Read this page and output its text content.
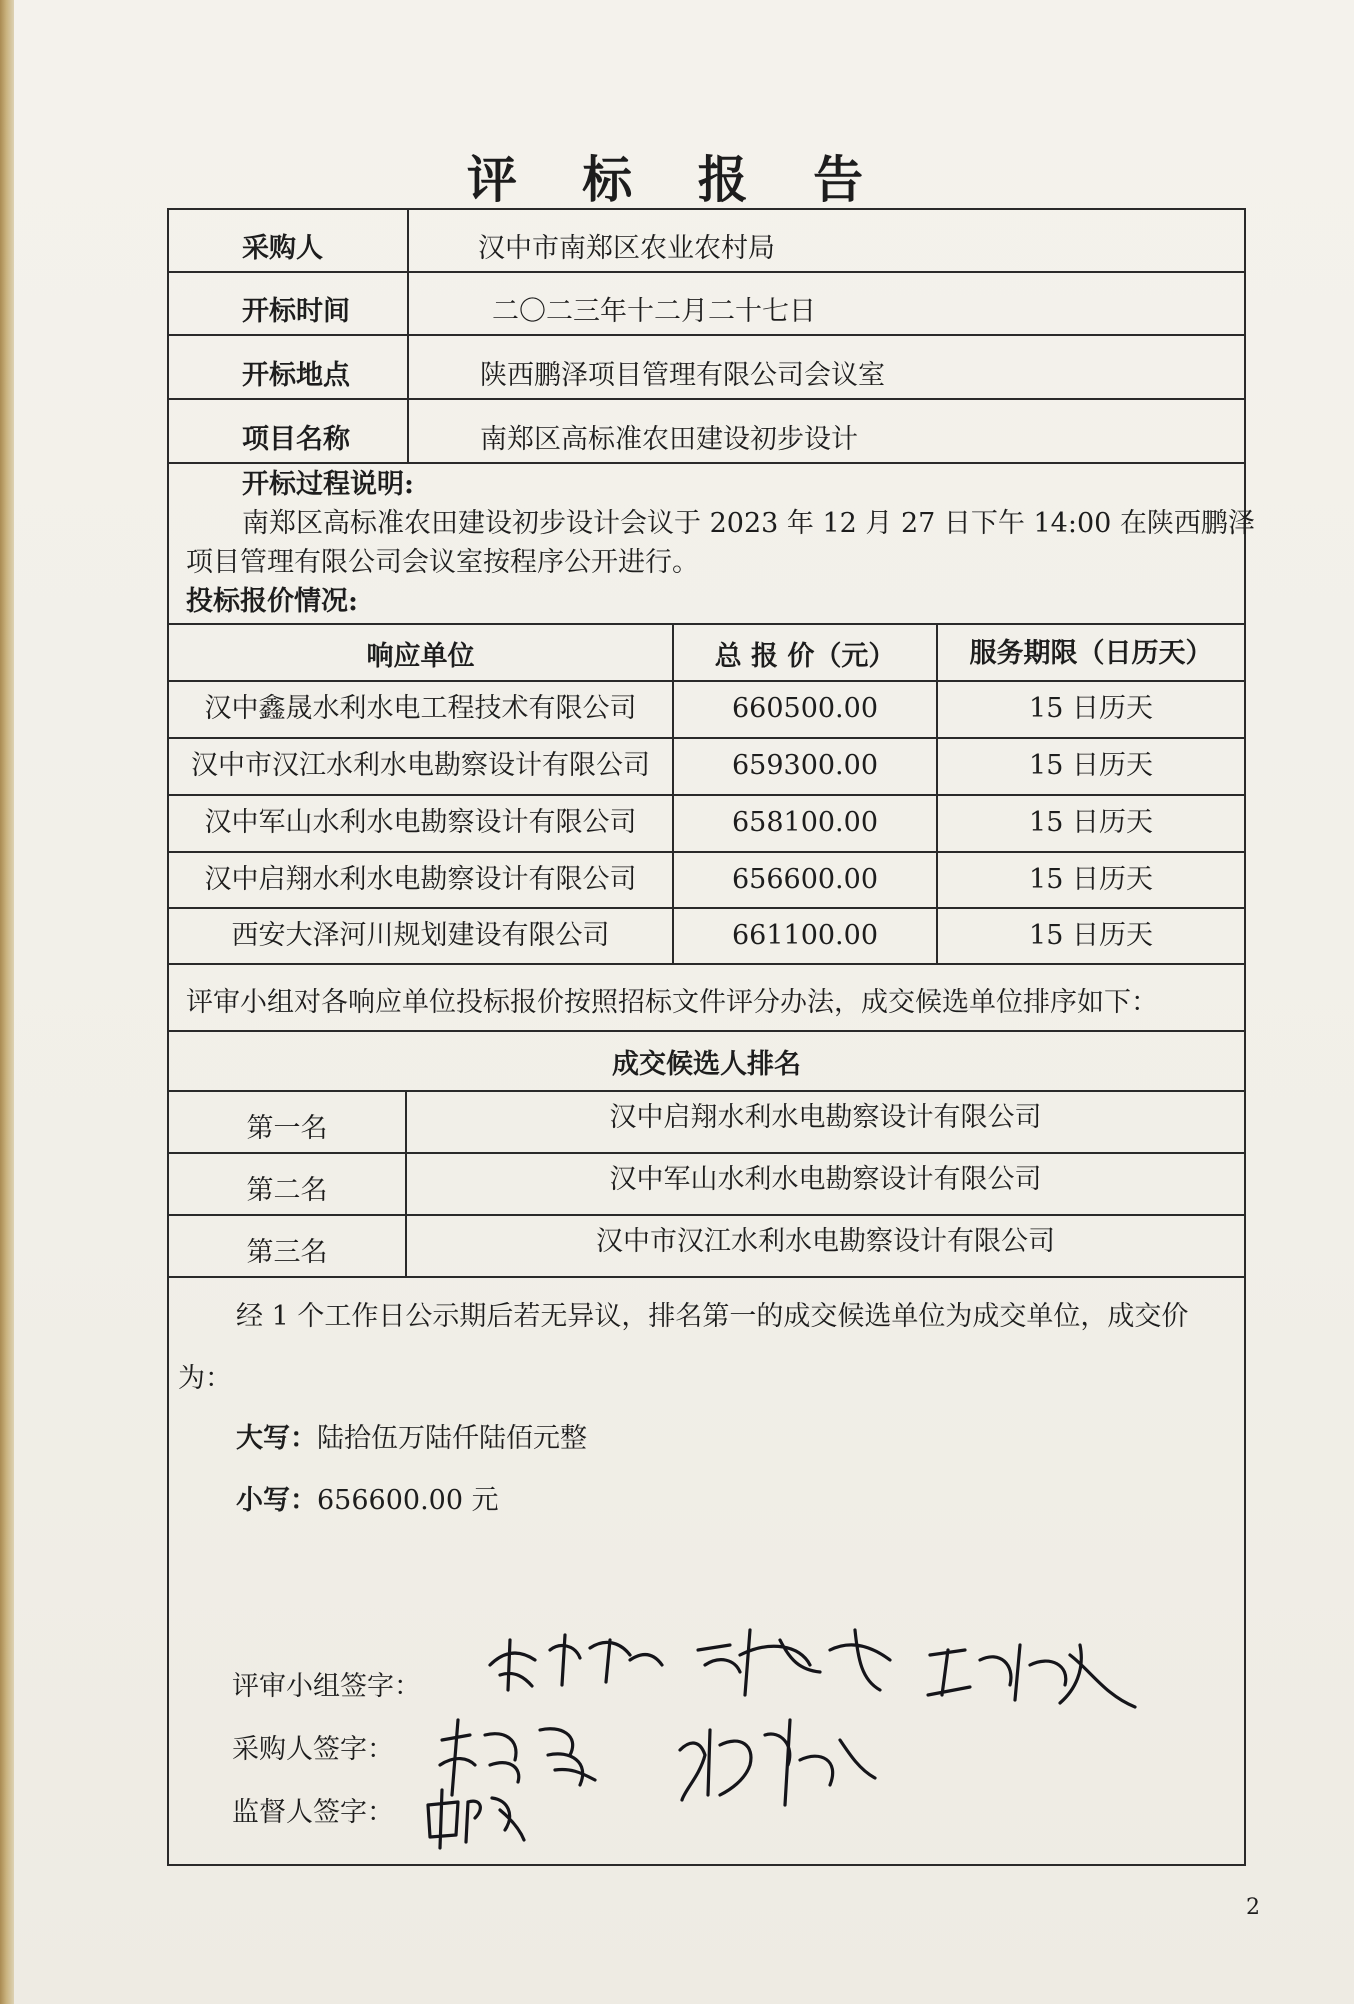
评 标 报 告
采购人	汉中市南郑区农业农村局
开标时间	二〇二三年十二月二十七日
开标地点	陕西鹏泽项目管理有限公司会议室
项目名称	南郑区高标准农田建设初步设计
开标过程说明:
南郑区高标准农田建设初步设计会议于 2023 年 12 月 27 日下午 14:00 在陕西鹏泽
项目管理有限公司会议室按程序公开进行。
投标报价情况:
响应单位	总 报 价（元）	服务期限（日历天）
汉中鑫晟水利水电工程技术有限公司	660500.00	15 日历天
汉中市汉江水利水电勘察设计有限公司	659300.00	15 日历天
汉中军山水利水电勘察设计有限公司	658100.00	15 日历天
汉中启翔水利水电勘察设计有限公司	656600.00	15 日历天
西安大泽河川规划建设有限公司	661100.00	15 日历天
评审小组对各响应单位投标报价按照招标文件评分办法，成交候选单位排序如下：
成交候选人排名
第一名	汉中启翔水利水电勘察设计有限公司
第二名	汉中军山水利水电勘察设计有限公司
第三名	汉中市汉江水利水电勘察设计有限公司
经 1 个工作日公示期后若无异议，排名第一的成交候选单位为成交单位，成交价
为：
大写：陆拾伍万陆仟陆佰元整
小写：656600.00 元
评审小组签字：
采购人签字：
监督人签字：
2
